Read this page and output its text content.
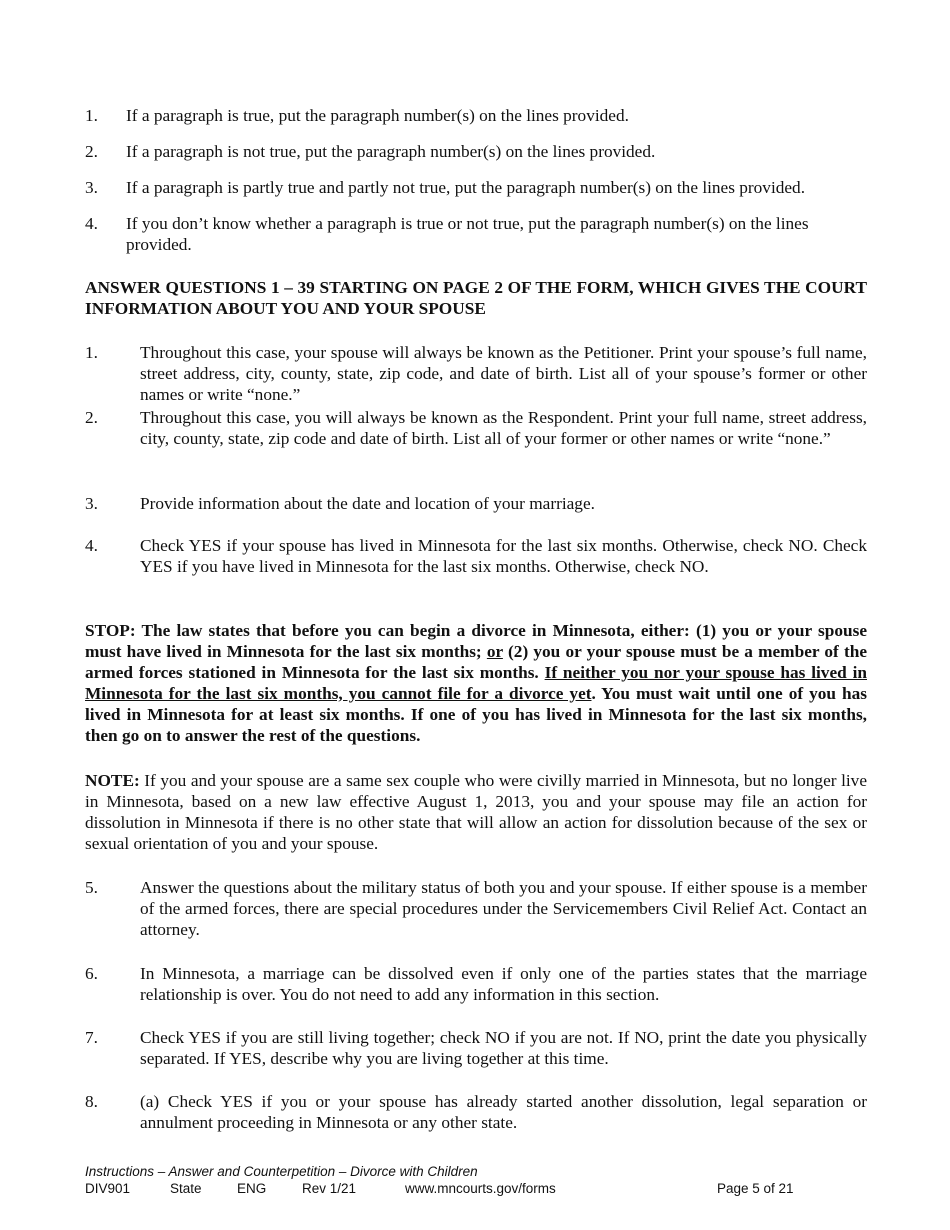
1.	If a paragraph is true, put the paragraph number(s) on the lines provided.
2.	If a paragraph is not true, put the paragraph number(s) on the lines provided.
3.	If a paragraph is partly true and partly not true, put the paragraph number(s) on the lines provided.
4.	If you don’t know whether a paragraph is true or not true, put the paragraph number(s) on the lines provided.
ANSWER QUESTIONS 1 – 39 STARTING ON PAGE 2 OF THE FORM, WHICH GIVES THE COURT INFORMATION ABOUT YOU AND YOUR SPOUSE
1.	Throughout this case, your spouse will always be known as the Petitioner. Print your spouse’s full name, street address, city, county, state, zip code, and date of birth. List all of your spouse’s former or other names or write “none.”
2.	Throughout this case, you will always be known as the Respondent. Print your full name, street address, city, county, state, zip code and date of birth. List all of your former or other names or write “none.”
3.	Provide information about the date and location of your marriage.
4.	Check YES if your spouse has lived in Minnesota for the last six months. Otherwise, check NO. Check YES if you have lived in Minnesota for the last six months. Otherwise, check NO.
STOP: The law states that before you can begin a divorce in Minnesota, either: (1) you or your spouse must have lived in Minnesota for the last six months; or (2) you or your spouse must be a member of the armed forces stationed in Minnesota for the last six months. If neither you nor your spouse has lived in Minnesota for the last six months, you cannot file for a divorce yet. You must wait until one of you has lived in Minnesota for at least six months. If one of you has lived in Minnesota for the last six months, then go on to answer the rest of the questions.
NOTE: If you and your spouse are a same sex couple who were civilly married in Minnesota, but no longer live in Minnesota, based on a new law effective August 1, 2013, you and your spouse may file an action for dissolution in Minnesota if there is no other state that will allow an action for dissolution because of the sex or sexual orientation of you and your spouse.
5.	Answer the questions about the military status of both you and your spouse. If either spouse is a member of the armed forces, there are special procedures under the Servicemembers Civil Relief Act. Contact an attorney.
6.	In Minnesota, a marriage can be dissolved even if only one of the parties states that the marriage relationship is over. You do not need to add any information in this section.
7.	Check YES if you are still living together; check NO if you are not. If NO, print the date you physically separated. If YES, describe why you are living together at this time.
8.	(a) Check YES if you or your spouse has already started another dissolution, legal separation or annulment proceeding in Minnesota or any other state.
Instructions – Answer and Counterpetition – Divorce with Children
DIV901	State	ENG	Rev 1/21	www.mncourts.gov/forms	Page 5 of 21
